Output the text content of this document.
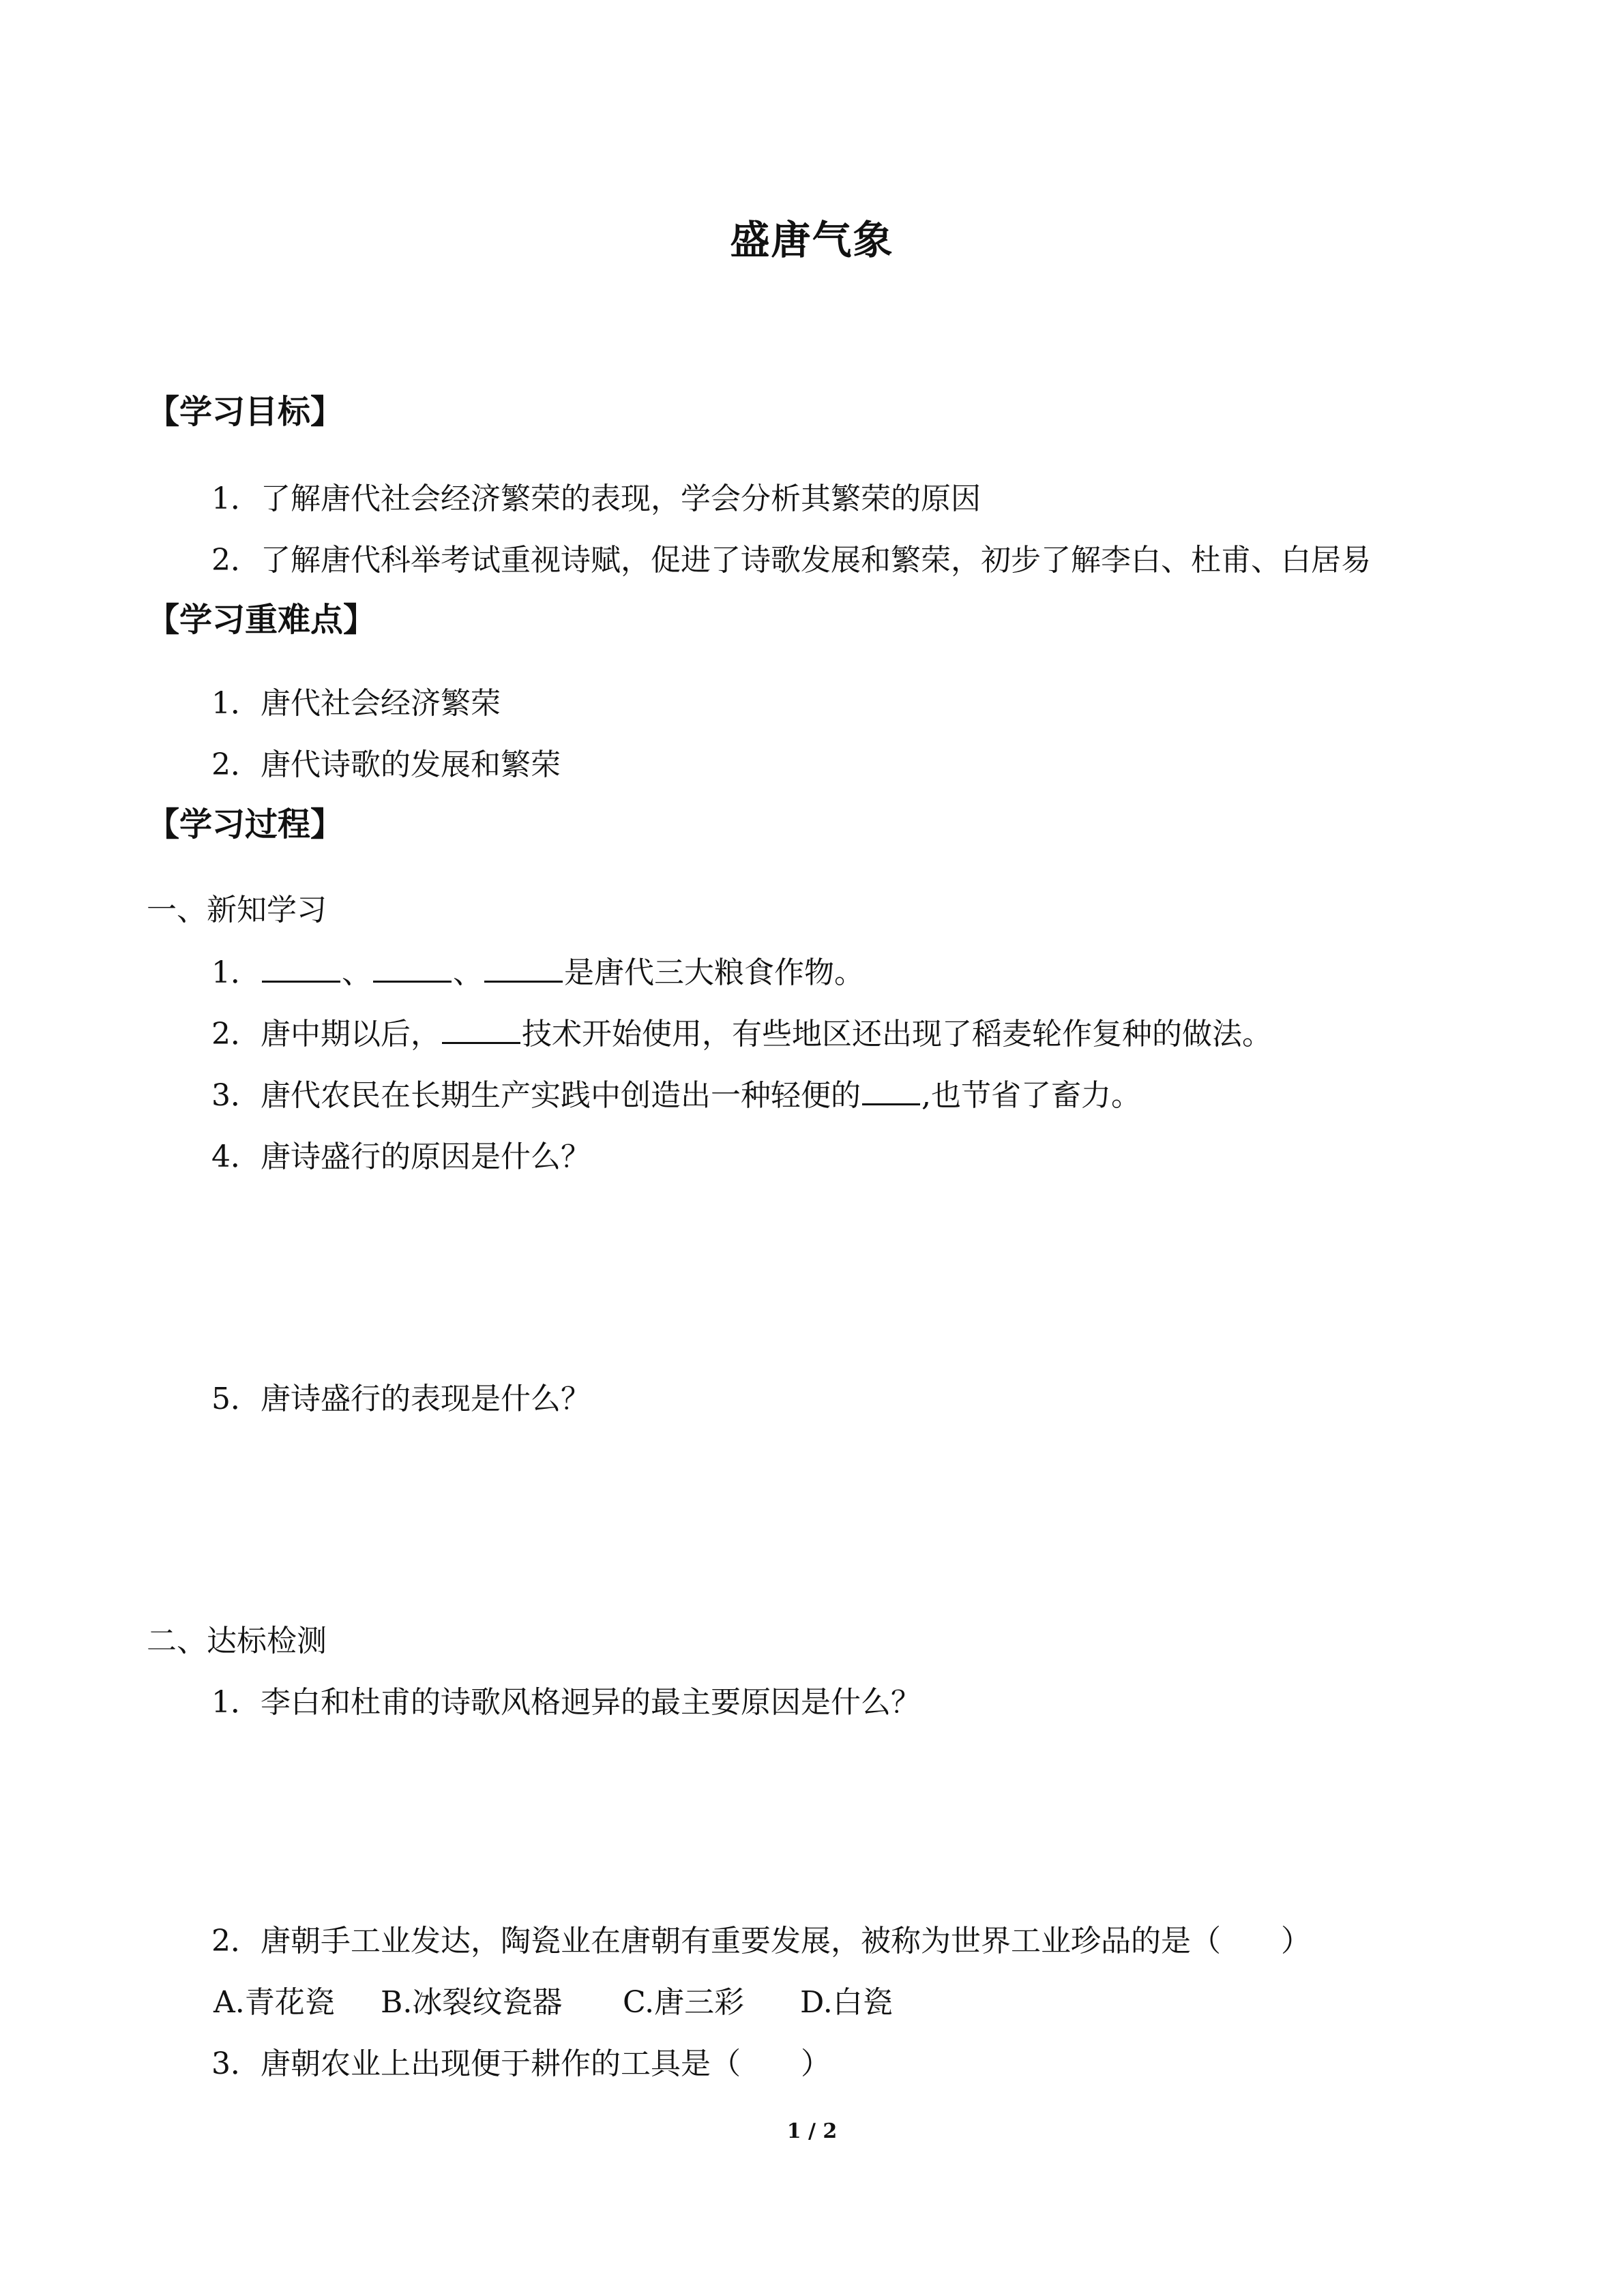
盛唐气象
【学习目标】
1．了解唐代社会经济繁荣的表现，学会分析其繁荣的原因
2．了解唐代科举考试重视诗赋，促进了诗歌发展和繁荣，初步了解李白、杜甫、白居易
【学习重难点】
1．唐代社会经济繁荣
2．唐代诗歌的发展和繁荣
【学习过程】
一、新知学习
1．	、	、	是唐代三大粮食作物。
2．唐中期以后，	技术开始使用，有些地区还出现了稻麦轮作复种的做法。
3．唐代农民在长期生产实践中创造出一种轻便的 ,也节省了畜力。
4．唐诗盛行的原因是什么？
5．唐诗盛行的表现是什么？
二、达标检测
1．李白和杜甫的诗歌风格迥异的最主要原因是什么？
2．唐朝手工业发达，陶瓷业在唐朝有重要发展，被称为世界工业珍品的是（　　）
A.青花瓷 B.冰裂纹瓷器 C.唐三彩 D.白瓷
3．唐朝农业上出现便于耕作的工具是（　　）
1 / 2
